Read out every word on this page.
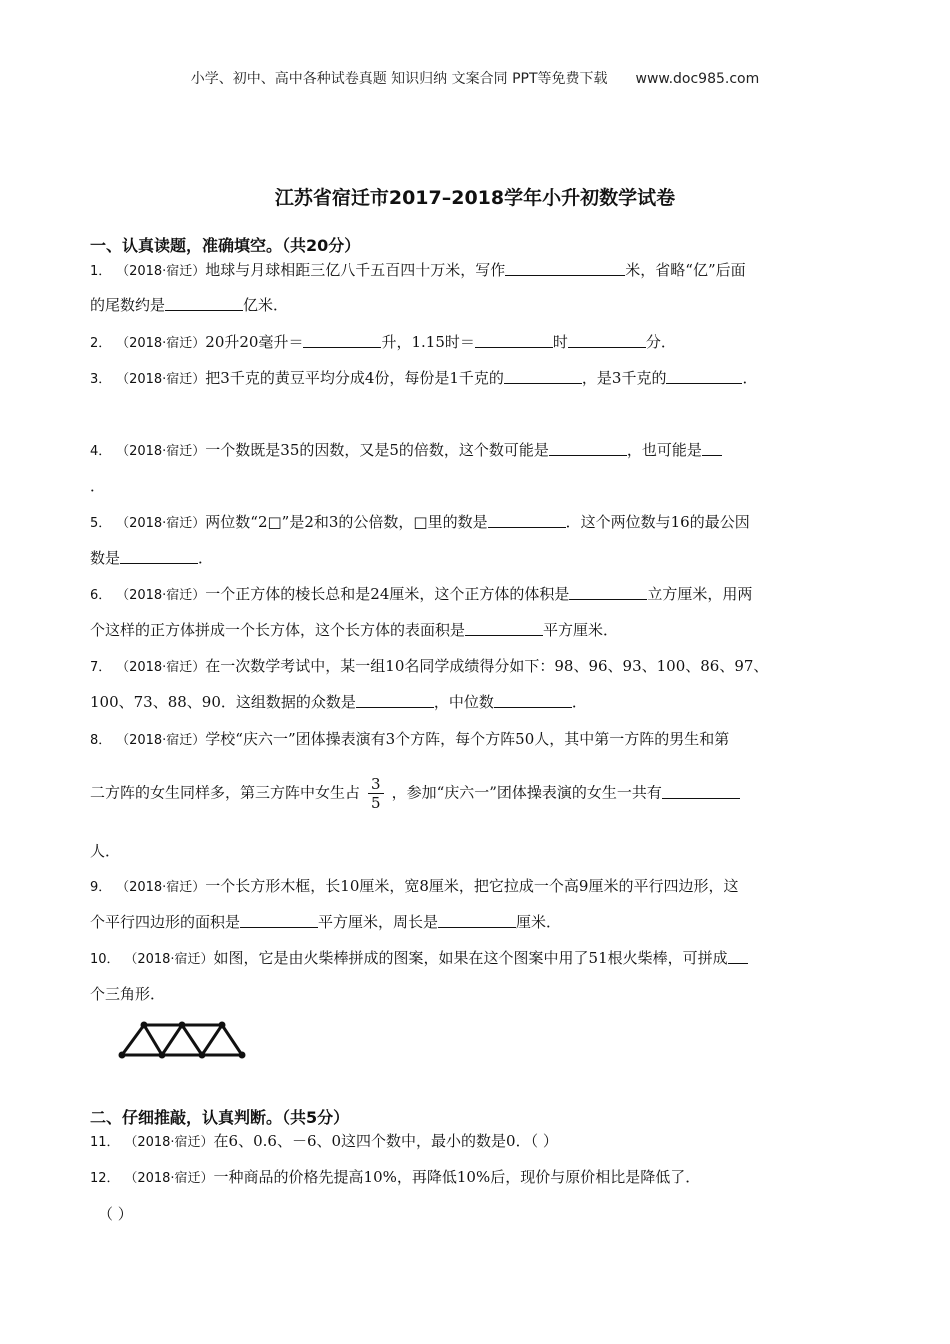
小学、初中、高中各种试卷真题 知识归纳 文案合同 PPT等免费下载 www.doc985.com
江苏省宿迁市2017–2018学年小升初数学试卷
一、认真读题，准确填空。（共20分）
1． （2018·宿迁）地球与月球相距三亿八千五百四十万米，写作	米，省略“亿”后面
的尾数约是	亿米．
2． （2018·宿迁）20升20毫升＝	升，1.15时＝	时	分．
3． （2018·宿迁）把3千克的黄豆平均分成4份，每份是1千克的	，是3千克的	．
4． （2018·宿迁）一个数既是35的因数，又是5的倍数，这个数可能是	，也可能是
．
5． （2018·宿迁）两位数“2□”是2和3的公倍数，□里的数是	．这个两位数与16的最公因
数是	．
6． （2018·宿迁）一个正方体的棱长总和是24厘米，这个正方体的体积是	立方厘米，用两
个这样的正方体拼成一个长方体，这个长方体的表面积是	平方厘米．
7． （2018·宿迁）在一次数学考试中，某一组10名同学成绩得分如下：98、96、93、100、86、97、
100、73、88、90．这组数据的众数是	，中位数	．
8． （2018·宿迁）学校“庆六一”团体操表演有3个方阵，每个方阵50人，其中第一方阵的男生和第
二方阵的女生同样多，第三方阵中女生占 $\frac{3}{5}$ ，参加“庆六一”团体操表演的女生一共有
人．
9． （2018·宿迁）一个长方形木框，长10厘米，宽8厘米，把它拉成一个高9厘米的平行四边形，这
个平行四边形的面积是	平方厘米，周长是	厘米．
10． （2018·宿迁）如图，它是由火柴棒拼成的图案，如果在这个图案中用了51根火柴棒，可拼成
个三角形．
二、仔细推敲，认真判断。（共5分）
11． （2018·宿迁）在6、0.6、－6、0这四个数中，最小的数是0．（ ）
12． （2018·宿迁）一种商品的价格先提高10%，再降低10%后，现价与原价相比是降低了．
（ ）
